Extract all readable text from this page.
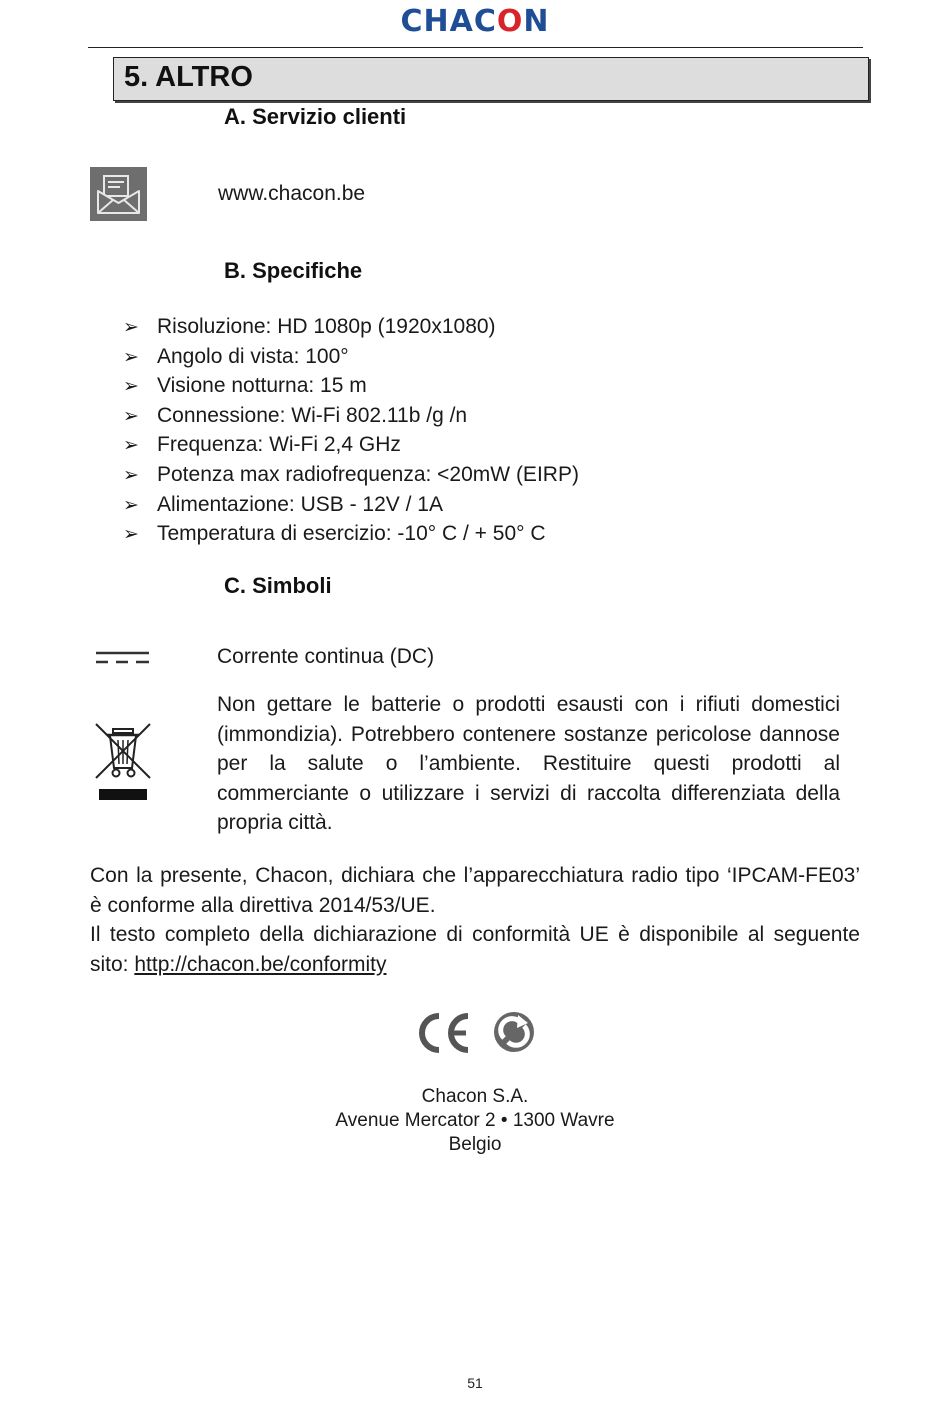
CHACON
5. ALTRO
A. Servizio clienti
www.chacon.be
B. Specifiche
➢ Risoluzione: HD 1080p (1920x1080)
➢ Angolo di vista: 100°
➢ Visione notturna: 15 m
➢ Connessione: Wi-Fi 802.11b /g /n
➢ Frequenza: Wi-Fi 2,4 GHz
➢ Potenza max radiofrequenza: <20mW (EIRP)
➢ Alimentazione: USB - 12V / 1A
➢ Temperatura di esercizio: -10° C / + 50° C
C. Simboli
Corrente continua (DC)
Non gettare le batterie o prodotti esausti con i rifiuti domestici (immondizia). Potrebbero contenere sostanze pericolose dannose per la salute o l’ambiente. Restituire questi prodotti al commerciante o utilizzare i servizi di raccolta differenziata della propria città.
Con la presente, Chacon, dichiara che l’apparecchiatura radio tipo ‘IPCAM-FE03’ è conforme alla direttiva 2014/53/UE.
Il testo completo della dichiarazione di conformità UE è disponibile al seguente sito: http://chacon.be/conformity
Chacon S.A.
Avenue Mercator 2 • 1300 Wavre
Belgio
51
